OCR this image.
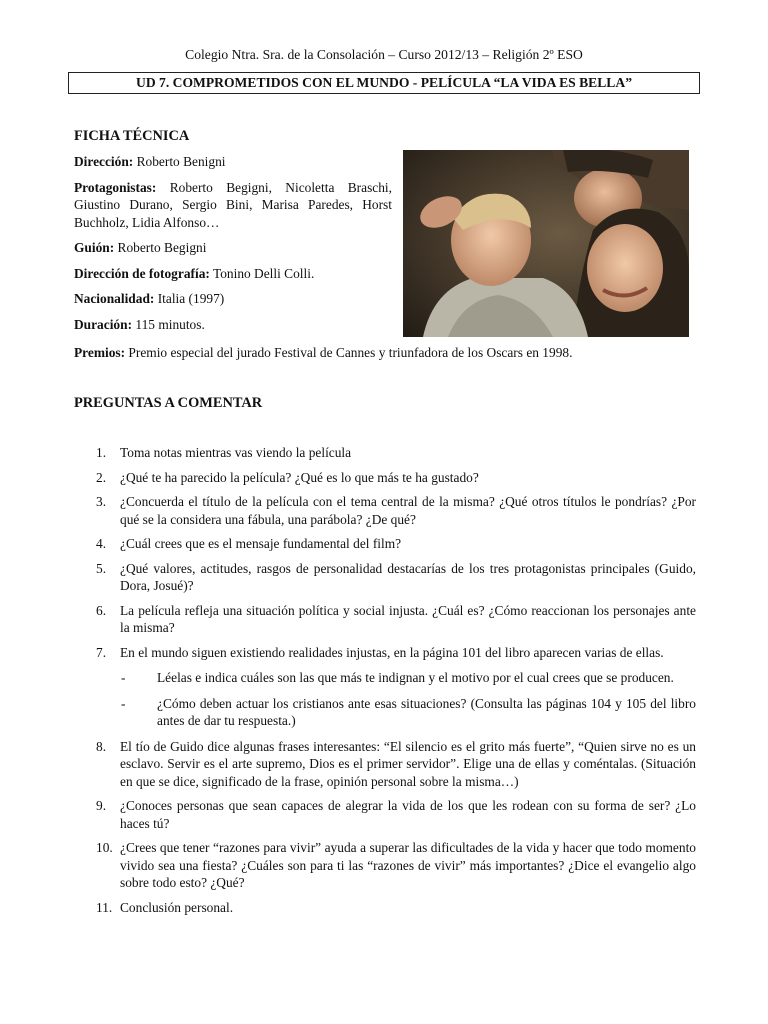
Colegio Ntra. Sra. de la Consolación – Curso 2012/13 – Religión 2º ESO
UD 7. COMPROMETIDOS CON EL MUNDO - PELÍCULA “LA VIDA ES BELLA”
FICHA TÉCNICA

Dirección: Roberto Benigni

Protagonistas: Roberto Begigni, Nicoletta Braschi, Giustino Durano, Sergio Bini, Marisa Paredes, Horst Buchholz, Lidia Alfonso…

Guión: Roberto Begigni

Dirección de fotografía: Tonino Delli Colli.

Nacionalidad: Italia (1997)

Duración: 115 minutos.

Premios: Premio especial del jurado Festival de Cannes y triunfadora de los Oscars en 1998.
PREGUNTAS A COMENTAR
1. Toma notas mientras vas viendo la película
2. ¿Qué te ha parecido la película? ¿Qué es lo que más te ha gustado?
3. ¿Concuerda el título de la película con el tema central de la misma? ¿Qué otros títulos le pondrías? ¿Por qué se la considera una fábula, una parábola? ¿De qué?
4. ¿Cuál crees que es el mensaje fundamental del film?
5. ¿Qué valores, actitudes, rasgos de personalidad destacarías de los tres protagonistas principales (Guido, Dora, Josué)?
6. La película refleja una situación política y social injusta. ¿Cuál es? ¿Cómo reaccionan los personajes ante la misma?
7. En el mundo siguen existiendo realidades injustas, en la página 101 del libro aparecen varias de ellas.
- Léelas e indica cuáles son las que más te indignan y el motivo por el cual crees que se producen.
- ¿Cómo deben actuar los cristianos ante esas situaciones? (Consulta las páginas 104 y 105 del libro antes de dar tu respuesta.)
8. El tío de Guido dice algunas frases interesantes: “El silencio es el grito más fuerte”, “Quien sirve no es un esclavo. Servir es el arte supremo, Dios es el primer servidor”. Elige una de ellas y coméntalas. (Situación en que se dice, significado de la frase, opinión personal sobre la misma…)
9. ¿Conoces personas que sean capaces de alegrar la vida de los que les rodean con su forma de ser? ¿Lo haces tú?
10. ¿Crees que tener “razones para vivir” ayuda a superar las dificultades de la vida y hacer que todo momento vivido sea una fiesta? ¿Cuáles son para ti las “razones de vivir” más importantes? ¿Dice el evangelio algo sobre todo esto? ¿Qué?
11. Conclusión personal.
